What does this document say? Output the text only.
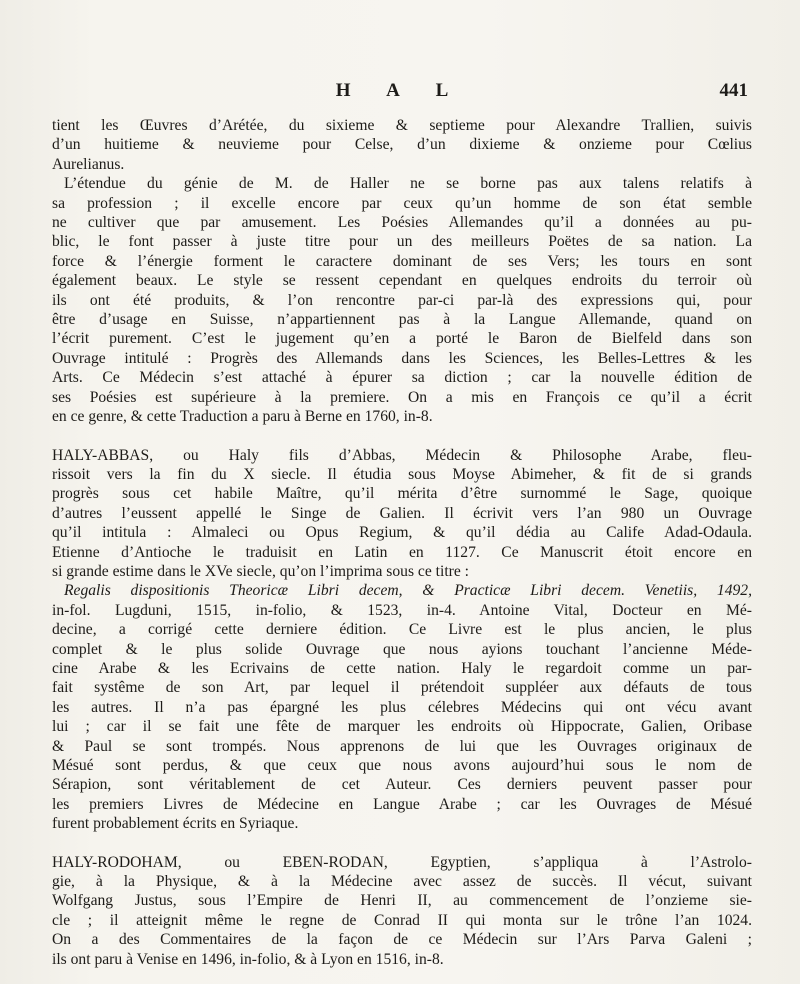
H A L	441
tient les Œuvres d’Arétée, du sixieme & septieme pour Alexandre Trallien, suivis
d’un huitieme & neuvieme pour Celse, d’un dixieme & onzieme pour Cœlius
Aurelianus.
L’étendue du génie de M. de Haller ne se borne pas aux talens relatifs à
sa profession ; il excelle encore par ceux qu’un homme de son état semble
ne cultiver que par amusement. Les Poésies Allemandes qu’il a données au pu-
blic, le font passer à juste titre pour un des meilleurs Poëtes de sa nation. La
force & l’énergie forment le caractere dominant de ses Vers; les tours en sont
également beaux. Le style se ressent cependant en quelques endroits du terroir où
ils ont été produits, & l’on rencontre par-ci par-là des expressions qui, pour
être d’usage en Suisse, n’appartiennent pas à la Langue Allemande, quand on
l’écrit purement. C’est le jugement qu’en a porté le Baron de Bielfeld dans son
Ouvrage intitulé : Progrès des Allemands dans les Sciences, les Belles-Lettres & les
Arts. Ce Médecin s’est attaché à épurer sa diction ; car la nouvelle édition de
ses Poésies est supérieure à la premiere. On a mis en François ce qu’il a écrit
en ce genre, & cette Traduction a paru à Berne en 1760, in-8.
HALY-ABBAS, ou Haly fils d’Abbas, Médecin & Philosophe Arabe, fleu-
rissoit vers la fin du X siecle. Il étudia sous Moyse Abimeher, & fit de si grands
progrès sous cet habile Maître, qu’il mérita d’être surnommé le Sage, quoique
d’autres l’eussent appellé le Singe de Galien. Il écrivit vers l’an 980 un Ouvrage
qu’il intitula : Almaleci ou Opus Regium, & qu’il dédia au Calife Adad-Odaula.
Etienne d’Antioche le traduisit en Latin en 1127. Ce Manuscrit étoit encore en
si grande estime dans le XVe siecle, qu’on l’imprima sous ce titre :
Regalis dispositionis Theoricæ Libri decem, & Practicæ Libri decem. Venetiis, 1492,
in-fol. Lugduni, 1515, in-folio, & 1523, in-4. Antoine Vital, Docteur en Mé-
decine, a corrigé cette derniere édition. Ce Livre est le plus ancien, le plus
complet & le plus solide Ouvrage que nous ayions touchant l’ancienne Méde-
cine Arabe & les Ecrivains de cette nation. Haly le regardoit comme un par-
fait systême de son Art, par lequel il prétendoit suppléer aux défauts de tous
les autres. Il n’a pas épargné les plus célebres Médecins qui ont vécu avant
lui ; car il se fait une fête de marquer les endroits où Hippocrate, Galien, Oribase
& Paul se sont trompés. Nous apprenons de lui que les Ouvrages originaux de
Mésué sont perdus, & que ceux que nous avons aujourd’hui sous le nom de
Sérapion, sont véritablement de cet Auteur. Ces derniers peuvent passer pour
les premiers Livres de Médecine en Langue Arabe ; car les Ouvrages de Mésué
furent probablement écrits en Syriaque.
HALY-RODOHAM, ou EBEN-RODAN, Egyptien, s’appliqua à l’Astrolo-
gie, à la Physique, & à la Médecine avec assez de succès. Il vécut, suivant
Wolfgang Justus, sous l’Empire de Henri II, au commencement de l’onzieme sie-
cle ; il atteignit même le regne de Conrad II qui monta sur le trône l’an 1024.
On a des Commentaires de la façon de ce Médecin sur l’Ars Parva Galeni ;
ils ont paru à Venise en 1496, in-folio, & à Lyon en 1516, in-8.
